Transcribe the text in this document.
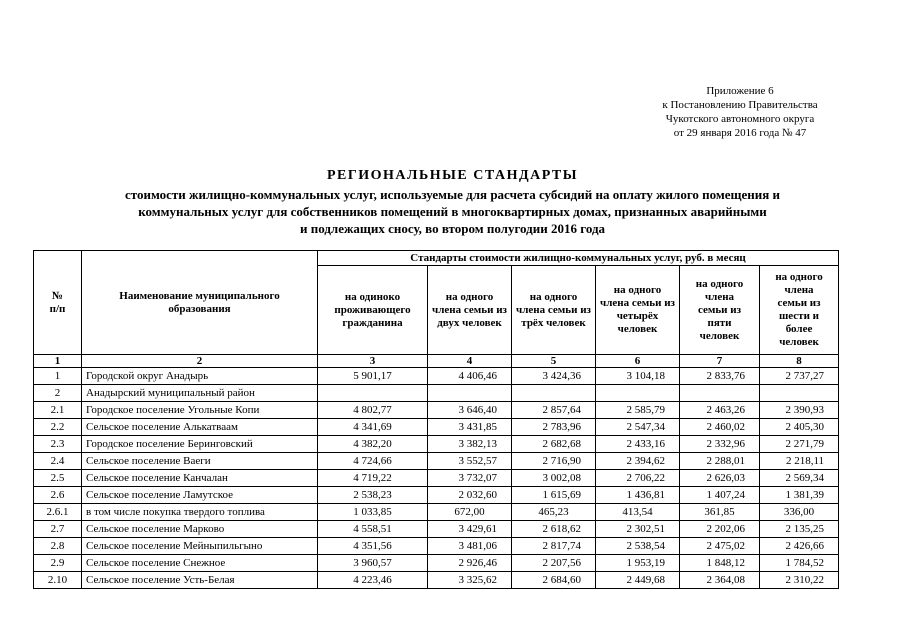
Приложение 6
к Постановлению Правительства
Чукотского автономного округа
от 29 января 2016 года № 47
РЕГИОНАЛЬНЫЕ СТАНДАРТЫ
стоимости жилищно-коммунальных услуг, используемые для расчета субсидий на оплату жилого помещения и
коммунальных услуг для собственников помещений в многоквартирных домах, признанных аварийными
и подлежащих сносу, во втором полугодии 2016 года
№ п/п	Наименование муниципального образования	Стандарты стоимости жилищно-коммунальных услуг, руб. в месяц					
		на одиноко проживающего гражданина	на одного члена семьи из двух человек	на одного члена семьи из трёх человек	на одного члена семьи из четырёх человек	на одного члена семьи из пяти человек	на одного члена семьи из шести и более человек
1	2	3	4	5	6	7	8
1	Городской округ Анадырь	5 901,17	4 406,46	3 424,36	3 104,18	2 833,76	2 737,27
2	Анадырский муниципальный район						
2.1	Городское поселение Угольные Копи	4 802,77	3 646,40	2 857,64	2 585,79	2 463,26	2 390,93
2.2	Сельское поселение Алькатваам	4 341,69	3 431,85	2 783,96	2 547,34	2 460,02	2 405,30
2.3	Городское поселение Беринговский	4 382,20	3 382,13	2 682,68	2 433,16	2 332,96	2 271,79
2.4	Сельское поселение Ваеги	4 724,66	3 552,57	2 716,90	2 394,62	2 288,01	2 218,11
2.5	Сельское поселение Канчалан	4 719,22	3 732,07	3 002,08	2 706,22	2 626,03	2 569,34
2.6	Сельское поселение Ламутское	2 538,23	2 032,60	1 615,69	1 436,81	1 407,24	1 381,39
2.6.1	в том числе покупка твердого топлива	1 033,85	672,00	465,23	413,54	361,85	336,00
2.7	Сельское поселение Марково	4 558,51	3 429,61	2 618,62	2 302,51	2 202,06	2 135,25
2.8	Сельское поселение Мейныпильгыно	4 351,56	3 481,06	2 817,74	2 538,54	2 475,02	2 426,66
2.9	Сельское поселение Снежное	3 960,57	2 926,46	2 207,56	1 953,19	1 848,12	1 784,52
2.10	Сельское поселение Усть-Белая	4 223,46	3 325,62	2 684,60	2 449,68	2 364,08	2 310,22
